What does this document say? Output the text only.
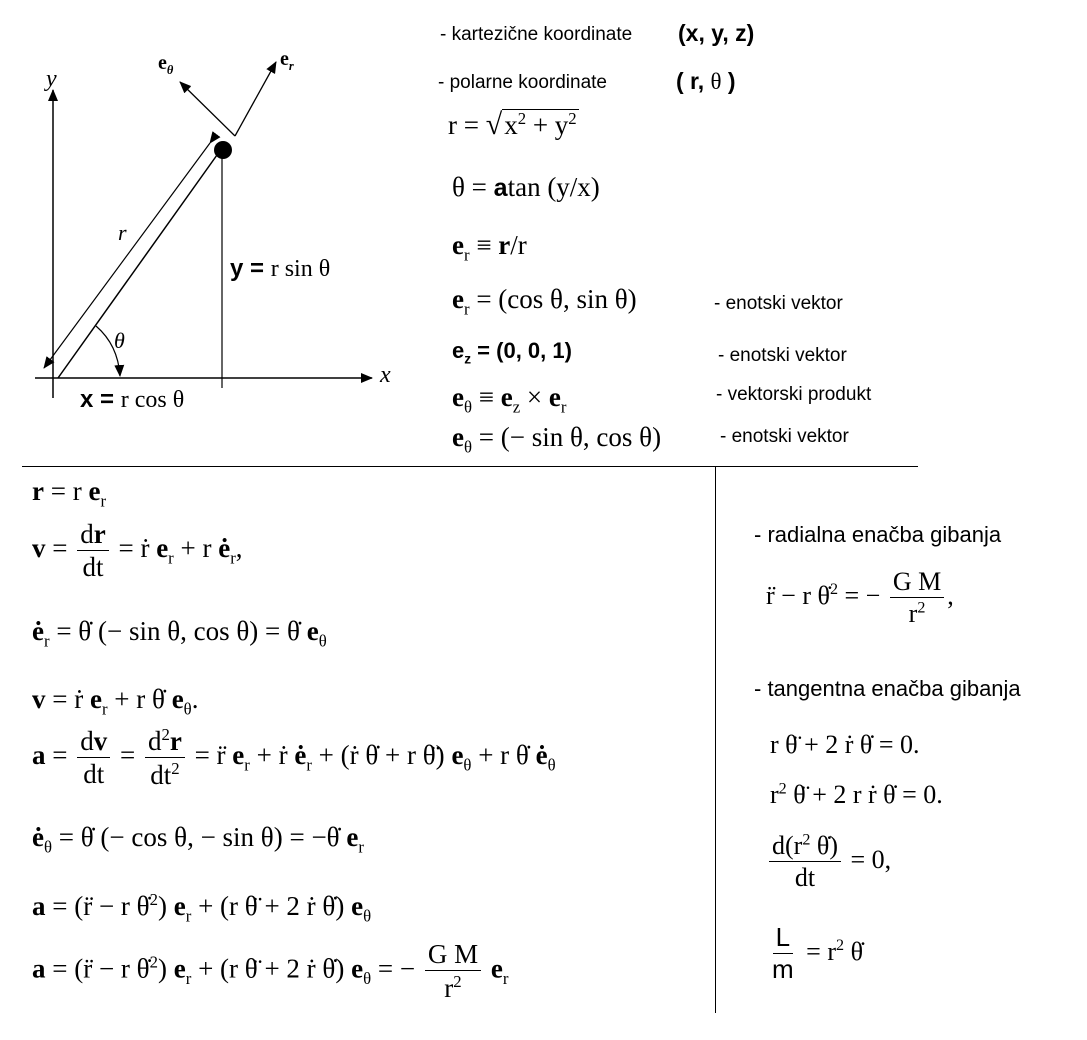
y
x
$e_\theta$	$e_r$
r
θ
y = r sin θ
x = r cos θ
- kartezične koordinate (x, y, z)
- polarne koordinate	( r, θ )
$r = √x^2 + y^2$
θ = atan (y/x)
$e_r \equiv r/r$
$e_r = (\cos$ θ, sin θ)	- enotski vektor
$e_z = (0$, 0, 1)	- enotski vektor
$e_\theta \equiv e_z \times e_r$
- vektorski produkt
$e_\theta$ = (− sin θ, cos θ)	- enotski vektor
r = r $e_r$
$v = \frac{dr}{dt}$ = ṙ $e_r + r$ $ė_r$,
$ė_r$ = θ̇ (− sin θ, cos θ) = θ̇ $e_\theta$
v = ṙ $e_r + r$ θ̇ $e_\theta$.
$a = \frac{dv}{dt} = \frac{d^2r}{dt^2}$ = r̈ $e_r$ + ṙ $ė_r$ + (ṙ θ̇ + r θ̈) $e_\theta + r$ θ̇ $ė_\theta$
$ė_\theta$ = θ̇ (− cos θ, − sin θ) = −θ̇ $e_r$
a = (r̈ − r θ̇$^2$) $e_r + (r$ θ̈ + 2 ṙ θ̇) $e_\theta$
a = (r̈ − r θ̇$^2$) $e_r + (r$ θ̈ + 2 ṙ θ̇) $e_\theta$ = − $\frac{\text{G M}}{r^2} e_r$
- radialna enačba gibanja
r̈ − r θ̇$^2$ = − $\frac{\text{G M}}{r^2}$ ,
- tangentna enačba gibanja
r θ̈ + 2 ṙ θ̇ = 0.
$r^2$ θ̈ + 2 r ṙ θ̇ = 0.
$\frac{d(r^2 \thetȧ)}{dt} = 0$,
$\frac{L}{m} = r^2$ θ̇
